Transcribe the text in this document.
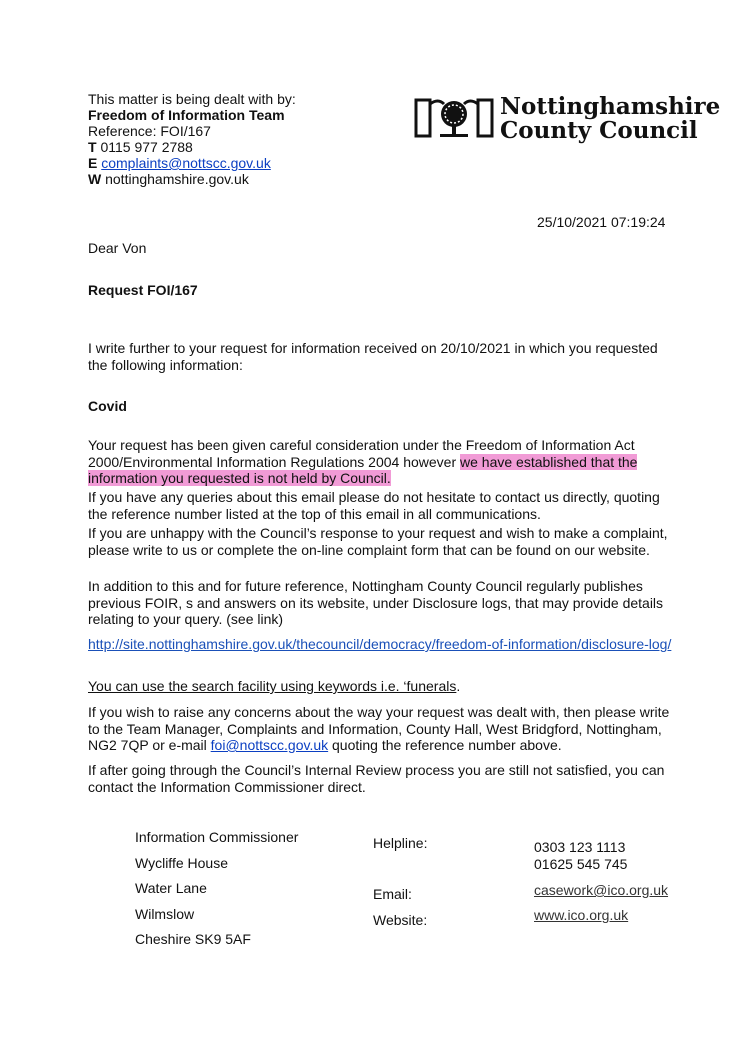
This matter is being dealt with by:
Freedom of Information Team
Reference: FOI/167
T 0115 977 2788
E complaints@nottscc.gov.uk
W nottinghamshire.gov.uk
Nottinghamshire
County Council
25/10/2021 07:19:24
Dear Von
Request FOI/167
I write further to your request for information received on 20/10/2021 in which you requested the following information:
Covid
Your request has been given careful consideration under the Freedom of Information Act 2000/Environmental Information Regulations 2004 however we have established that the information you requested is not held by Council.
If you have any queries about this email please do not hesitate to contact us directly, quoting the reference number listed at the top of this email in all communications.
If you are unhappy with the Council’s response to your request and wish to make a complaint, please write to us or complete the on-line complaint form that can be found on our website.
In addition to this and for future reference, Nottingham County Council regularly publishes previous FOIR, s and answers on its website, under Disclosure logs, that may provide details relating to your query. (see link)
http://site.nottinghamshire.gov.uk/thecouncil/democracy/freedom-of-information/disclosure-log/
You can use the search facility using keywords i.e. ‘funerals.
If you wish to raise any concerns about the way your request was dealt with, then please write to the Team Manager, Complaints and Information, County Hall, West Bridgford, Nottingham, NG2 7QP or e-mail foi@nottscc.gov.uk quoting the reference number above.
If after going through the Council’s Internal Review process you are still not satisfied, you can contact the Information Commissioner direct.
Information Commissioner
Wycliffe House
Water Lane
Wilmslow
Cheshire SK9 5AF
Helpline:	0303 123 1113
01625 545 745
Email:	casework@ico.org.uk
Website:	www.ico.org.uk
